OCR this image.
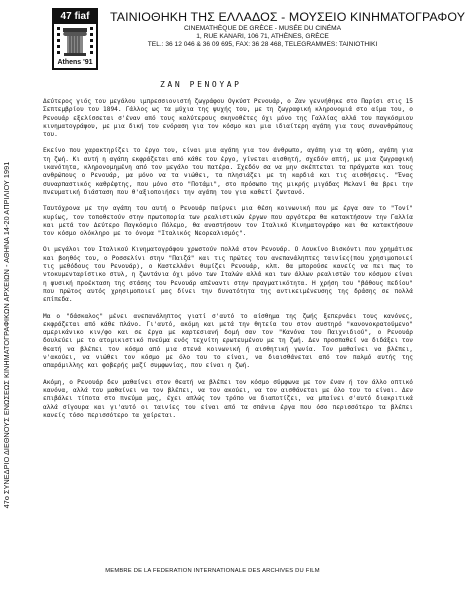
47 fiaf
Athens '91
ΤΑΙΝΙΟΘΗΚΗ ΤΗΣ ΕΛΛΑΔΟΣ - ΜΟΥΣΕΙΟ ΚΙΝΗΜΑΤΟΓΡΑΦΟΥ
CINEMATHÈQUE DE GRÈCE - MUSÉE DU CINÉMA
1, RUE KANARI, 106 71, ATHÈNES, GRÈCE
TEL.: 36 12 046 & 36 09 695, FAX: 36 28 468, TELEGRAMMES: TAINIOTHIKI
47ο ΣΥΝΕΔΡΙΟ ΔΙΕΘΝΟΥΣ ΕΝΩΣΕΩΣ ΚΙΝΗΜΑΤΟΓΡΑΦΙΚΩΝ ΑΡΧΕΙΩΝ - ΑΘΗΝΑ 14-20 ΑΠΡΙΛΙΟΥ 1991
ΖΑΝ ΡΕΝΟΥΑΡ

Δεύτερος γιός του μεγάλου ιμπρεσσιονιστή ζωγράφου Ογκύστ Ρενουάρ, ο Ζαν γεννήθηκε στο Παρίσι στις 15 Σεπτεμβρίου του 1894. Γάλλος ως τα μύχια της ψυχής του, με τη ζωγραφική κληρονομιά στο αίμα του, ο Ρενουάρ εξελίσσεται σ'έναν από τους καλύτερους σκηνοθέτες όχι μόνο της Γαλλίας αλλά του παγκόσμιου κινηματογράφου, με μια δική του ενόραση για τον κόσμο και μια ιδιαίτερη αγάπη για τους συνανθρώπους του.

Εκείνο που χαρακτηρίζει το έργο του, είναι μια αγάπη για τον άνθρωπο, αγάπη για τη φύση, αγάπη για τη ζωή. Κι αυτή η αγάπη εκφράζεται από κάθε του έργο, γίνεται αισθητή, σχεδόν απτή, με μια ζωγραφική ικανότητα, κληρονομημένη από τον μεγάλο του πατέρα. Σχεδόν σα να μην σκέπτεται τα πράγματα και τους ανθρώπους ο Ρενουάρ, μα μόνο να τα νιώθει, τα πλησιάζει με τη καρδιά και τις αισθήσεις. "Ένας συναρπαστικός καθρέφτης, που μόνο στο "Ποτάμι", στο πρόσωπο της μικρής μιγάδας Μελανί θα βρει την πνευματική διάσταση που θ'αξιοποιήσει την αγάπη του για καθετί ζωντανό.

Ταυτόχρονα με την αγάπη του αυτή ο Ρενουάρ παίρνει μια θέση κοινωνική που με έργα σαν το "Τονί" κυρίως, τον τοποθετούν στην πρωτοπορία των ρεαλιστικών έργων που αργότερα θα κατακτήσουν την Γαλλία και μετά τον Δεύτερο Παγκόσμιο Πόλεμο, θα αναστήσουν τον Ιταλικό Κινηματογράφο και θα κατακτήσουν τον κόσμο ολόκληρο με το όνομα "Ιταλικός Νεορεαλισμός".

Οι μεγάλοι του Ιταλικού Κινηματογράφου χρωστούν πολλά στον Ρενουάρ. Ο Λουκίνο Βισκόντι που χρημάτισε και βοηθός του, ο Ροσσελίνι στην "Παιζά" και τις πρώτες του ανεπανάληπτες ταινίες(που χρησιμοποιεί τις μεθόδους του Ρενουάρ), ο Καστελλάνι θυμίζει Ρενουάρ, κλπ. Θα μπορούσε κανείς να πει πως το ντοκυμενταρίστικο στυλ, η ζωντάνια όχι μόνο των Ιταλών αλλά και των άλλων ρεαλιστών του κόσμου είναι η φυσική προέκταση της στάσης του Ρενουάρ απέναντι στην πραγματικότητα. Η χρήση του "βάθους πεδίου" που πρώτος αυτός χρησιμοποιεί μας δίνει την δυνατότητα της αντικειμένευσης της δράσης σε πολλά επίπεδα.

Μα ο "δάσκαλος" μένει ανεπανάληπτος γιατί σ'αυτό το αίσθημα της ζωής ξεπερνάει τους κανόνες, εκφράζεται από κάθε πλάνο. Γι'αυτό, ακόμη και μετά την θητεία του στον αυστηρό "κανονοκρατούμενο" αμερικάνικο κιν/φο και σε έργα με καρτεσιανή δομή σαν τον "Κανόνα του Παιχνιδιού", ο Ρενουάρ δουλεύει με το ατομικιστικό πνεύμα ενός τεχνίτη ερωτευμένου με τη ζωή. Δεν προσπαθεί να διδάξει τον θεατή να βλέπει τον κόσμο από μια στενά κοινωνική ή αισθητική γωνία. Τον μαθαίνει να βλέπει, ν'ακούει, να νιώθει τον κόσμο με όλο του το είναι, να διαισθάνεται από τον παλμό αυτής της απαράμιλλης και φοβερής μαζί συμφωνίας, που είναι η ζωή.

Ακόμη, ο Ρενουάρ δεν μαθαίνει στον θεατή να βλέπει τον κόσμο σύμφωνα με τον έναν ή τον άλλο οπτικό κανόνα, αλλά του μαθαίνει να τον βλέπει, να τον ακούει, να τον αισθάνεται με όλο του το είναι. Δεν επιβάλει τίποτα στο πνεύμα μας, έχει απλώς τον τρόπο να διαποτίζει, να μπαίνει σ'αυτό διακριτικά αλλά σίγουρα και γι'αυτό οι ταινίες του είναι από τα σπάνια έργα που όσο περισσότερο τα βλέπει κανείς τόσο περισσότερο τα χαίρεται.

MEMBRE DE LA FEDERATION INTERNATIONALE DES ARCHIVES DU FILM
